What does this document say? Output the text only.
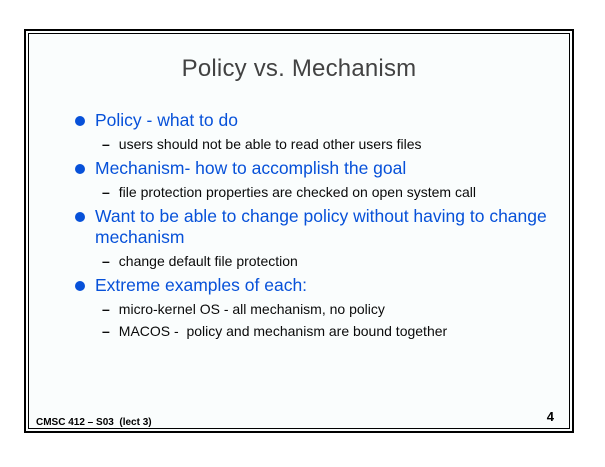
Policy vs. Mechanism
Policy - what to do
– users should not be able to read other users files
Mechanism- how to accomplish the goal
– file protection properties are checked on open system call
Want to be able to change policy without having to change mechanism
– change default file protection
Extreme examples of each:
– micro-kernel OS - all mechanism, no policy
– MACOS -  policy and mechanism are bound together
CMSC 412 – S03  (lect 3)	4
